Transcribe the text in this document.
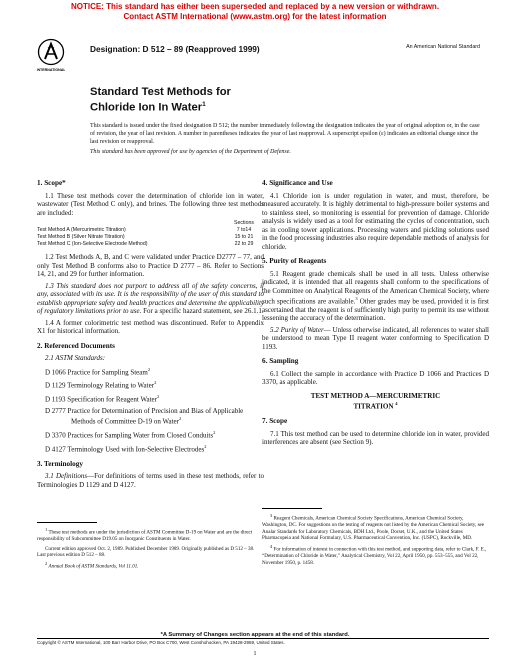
NOTICE: This standard has either been superseded and replaced by a new version or withdrawn.
Contact ASTM International (www.astm.org) for the latest information
INTERNATIONAL
Designation: D 512 – 89 (Reapproved 1999)	An American National Standard
Standard Test Methods for
Chloride Ion In Water$^1$

This standard is issued under the fixed designation D 512; the number immediately following the designation indicates the year of original adoption or, in the case of revision, the year of last revision. A number in parentheses indicates the year of last reapproval. A superscript epsilon (ε) indicates an editorial change since the last revision or reapproval.

This standard has been approved for use by agencies of the Department of Defense.

1. Scope*

1.1 These test methods cover the determination of chloride ion in water, wastewater (Test Method C only), and brines. The following three test methods are included:

Sections
Test Method A (Mercurimetric Titration)	7 to14
Test Method B (Silver Nitrate Titration)	15 to 21
Test Method C (Ion-Selective Electrode Method)	22 to 29

1.2 Test Methods A, B, and C were validated under Practice D2777 – 77, and only Test Method B conforms also to Practice D 2777 – 86. Refer to Sections 14, 21, and 29 for further information.

1.3 This standard does not purport to address all of the safety concerns, if any, associated with its use. It is the responsibility of the user of this standard to establish appropriate safety and health practices and determine the applicability of regulatory limitations prior to use. For a specific hazard statement, see 26.1.1.

1.4 A former colorimetric test method was discontinued. Refer to Appendix X1 for historical information.

2. Referenced Documents

2.1 ASTM Standards:

D 1066 Practice for Sampling Steam$^2$

D 1129 Terminology Relating to Water$^2$

D 1193 Specification for Reagent Water$^2$

D 2777 Practice for Determination of Precision and Bias of Applicable Methods of Committee D-19 on Water$^2$

D 3370 Practices for Sampling Water from Closed Conduits$^2$

D 4127 Terminology Used with Ion-Selective Electrodes$^2$

3. Terminology

3.1 Definitions—For definitions of terms used in these test methods, refer to Terminologies D 1129 and D 4127.

4. Significance and Use

4.1 Chloride ion is under regulation in water, and must, therefore, be measured accurately. It is highly detrimental to high-pressure boiler systems and to stainless steel, so monitoring is essential for prevention of damage. Chloride analysis is widely used as a tool for estimating the cycles of concentration, such as in cooling tower applications. Processing waters and pickling solutions used in the food processing industries also require dependable methods of analysis for chloride.

5. Purity of Reagents

5.1 Reagent grade chemicals shall be used in all tests. Unless otherwise indicated, it is intended that all reagents shall conform to the specifications of the Committee on Analytical Reagents of the American Chemical Society, where such specifications are available.$^3$ Other grades may be used, provided it is first ascertained that the reagent is of sufficiently high purity to permit its use without lessening the accuracy of the determination.

5.2 Purity of Water— Unless otherwise indicated, all references to water shall be understood to mean Type II reagent water conforming to Specification D 1193.

6. Sampling

6.1 Collect the sample in accordance with Practice D 1066 and Practices D 3370, as applicable.

TEST METHOD A—MERCURIMETRIC
TITRATION $^4$
7. Scope

7.1 This test method can be used to determine chloride ion in water, provided interferences are absent (see Section 9).

$^1$ These test methods are under the jurisdiction of ASTM Committee D-19 on Water and are the direct responsibility of Subcommittee D19.05 on Inorganic Constituents in Water.

Current edition approved Oct. 2, 1989. Published December 1989. Originally published as D 512 – 38. Last previous edition D 512 – 88.

$^2$ Annual Book of ASTM Standards, Vol 11.01.

$^3$ Reagent Chemicals, American Chemical Society Specifications, American Chemical Society, Washington, DC. For suggestions on the testing of reagents not listed by the American Chemical Society, see Analar Standards for Laboratory Chemicals, BDH Ltd., Poole, Dorset, U.K., and the United States Pharmacopeia and National Formulary, U.S. Pharmaceutical Convention, Inc. (USPC), Rockville, MD.

$^4$ For information of interest in connection with this test method, and supporting data, refer to Clark, F. E., “Determination of Chloride in Water,” Analytical Chemistry, Vol 22, April 1950, pp. 553–555, and Vol 22, November 1950, p. 1458.

*A Summary of Changes section appears at the end of this standard.
Copyright © ASTM International, 100 Barr Harbor Drive, PO Box C700, West Conshohocken, PA 19428-2959, United States.
1
